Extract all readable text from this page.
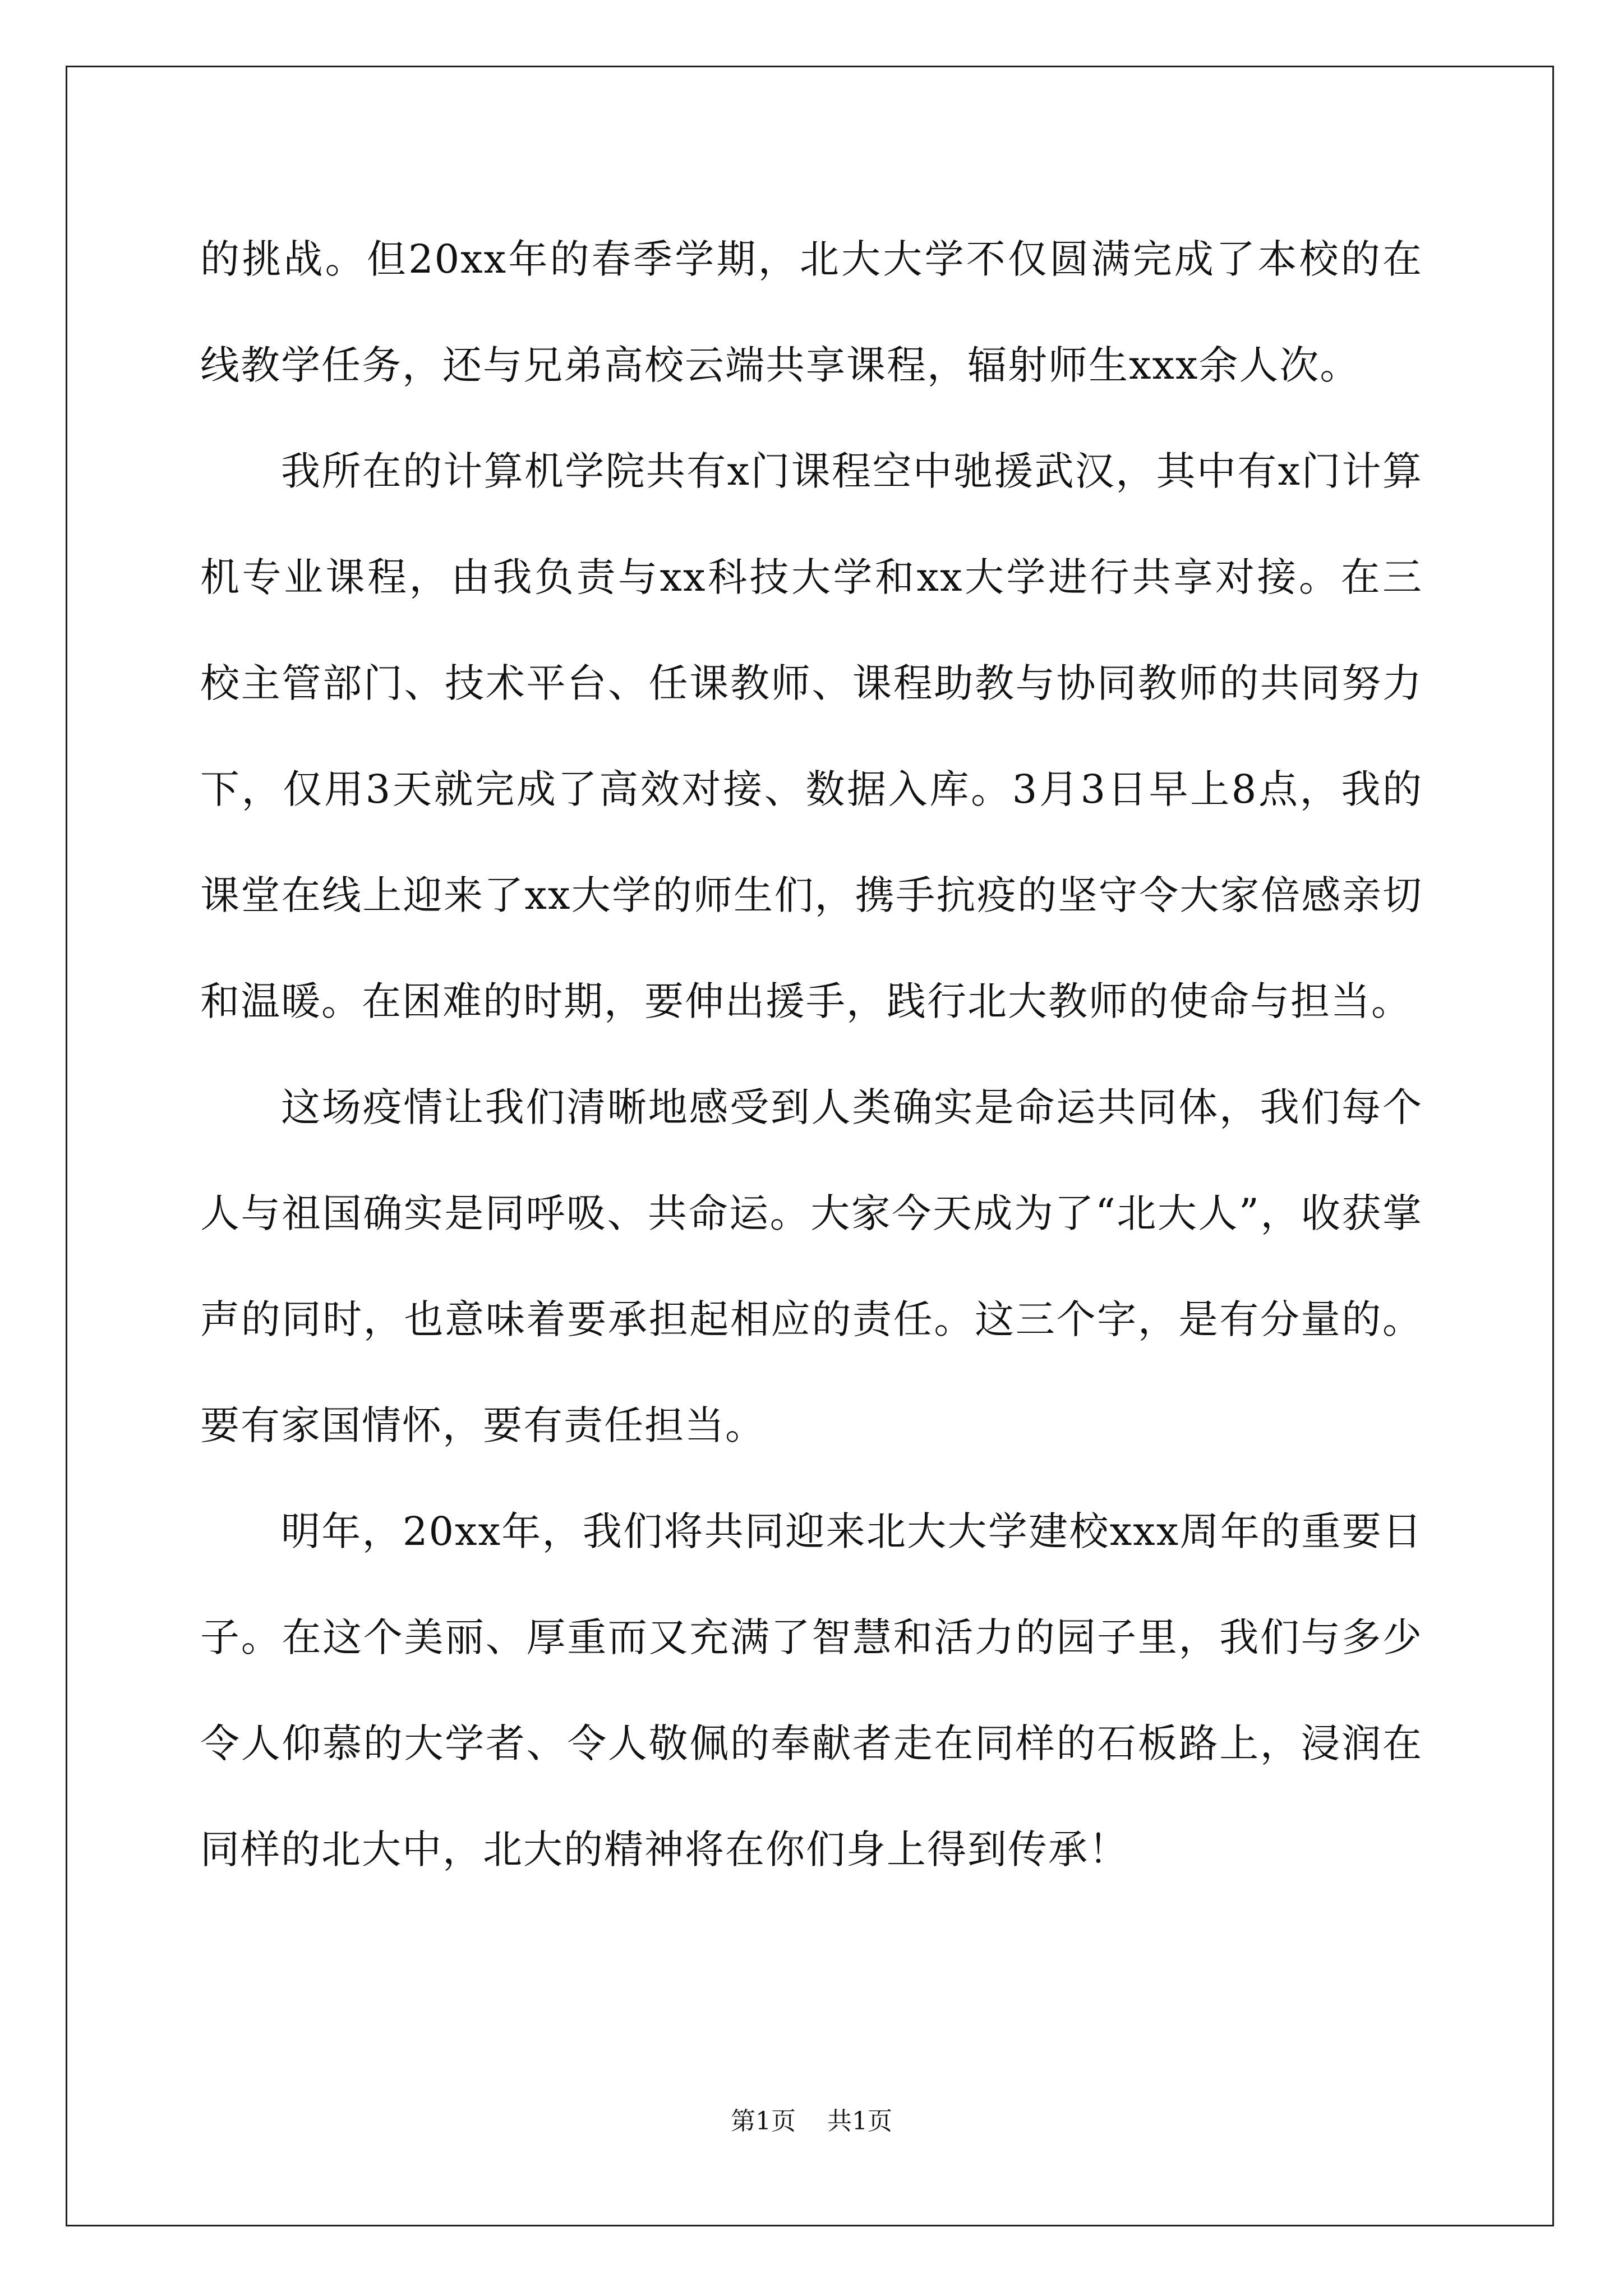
的挑战。但20xx年的春季学期，北大大学不仅圆满完成了本校的在线教学任务，还与兄弟高校云端共享课程，辐射师生xxx余人次。

我所在的计算机学院共有x门课程空中驰援武汉，其中有x门计算机专业课程，由我负责与xx科技大学和xx大学进行共享对接。在三校主管部门、技术平台、任课教师、课程助教与协同教师的共同努力下，仅用3天就完成了高效对接、数据入库。3月3日早上8点，我的课堂在线上迎来了xx大学的师生们，携手抗疫的坚守令大家倍感亲切和温暖。在困难的时期，要伸出援手，践行北大教师的使命与担当。

这场疫情让我们清晰地感受到人类确实是命运共同体，我们每个人与祖国确实是同呼吸、共命运。大家今天成为了“北大人”，收获掌声的同时，也意味着要承担起相应的责任。这三个字，是有分量的。要有家国情怀，要有责任担当。

明年，20xx年，我们将共同迎来北大大学建校xxx周年的重要日子。在这个美丽、厚重而又充满了智慧和活力的园子里，我们与多少令人仰慕的大学者、令人敬佩的奉献者走在同样的石板路上，浸润在同样的北大中，北大的精神将在你们身上得到传承！

第1页 共1页
